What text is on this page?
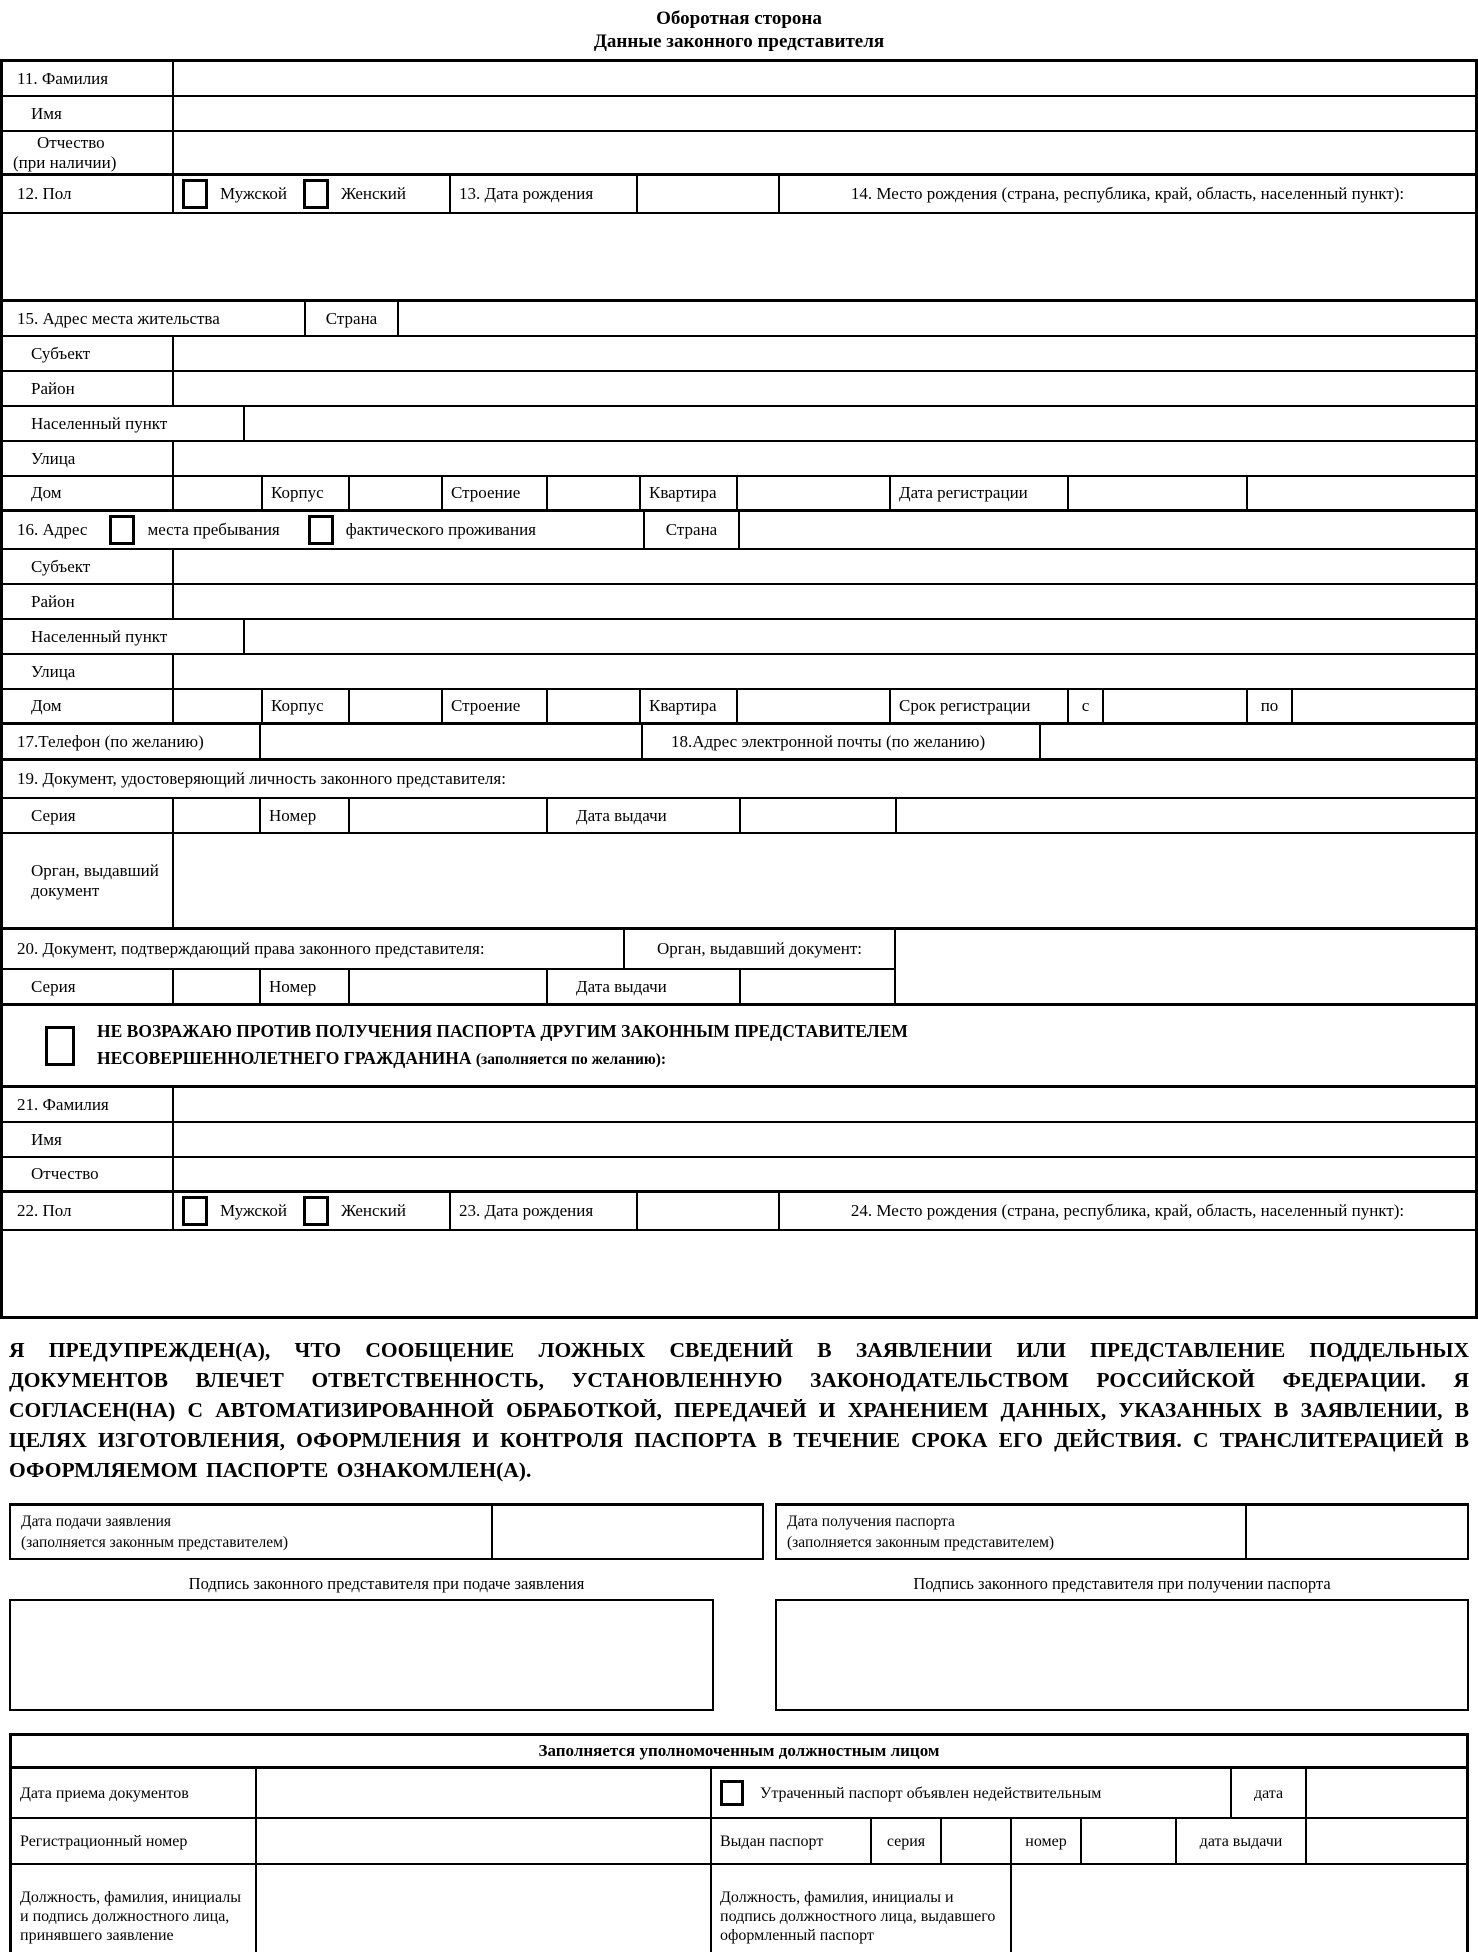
Оборотная сторона
Данные законного представителя
11. Фамилия
Имя
Отчество
(при наличии)
12. Пол	Мужской	Женский	13. Дата рождения	14. Место рождения (страна, республика, край, область, населенный пункт):
15. Адрес места жительства	Страна
Субъект
Район
Населенный пункт
Улица
Дом	Корпус	Строение	Квартира	Дата регистрации
16. Адрес	места пребывания	фактического проживания	Страна
Субъект
Район
Населенный пункт
Улица
Дом	Корпус	Строение	Квартира	Срок регистрации	с	по
17.Телефон (по желанию)	18.Адрес электронной почты (по желанию)
19. Документ, удостоверяющий личность законного представителя:
Серия	Номер	Дата выдачи
Орган, выдавший документ
20. Документ, подтверждающий права законного представителя:	Орган, выдавший документ:
Серия	Номер	Дата выдачи
НЕ ВОЗРАЖАЮ ПРОТИВ ПОЛУЧЕНИЯ ПАСПОРТА ДРУГИМ ЗАКОННЫМ ПРЕДСТАВИТЕЛЕМ НЕСОВЕРШЕННОЛЕТНЕГО ГРАЖДАНИНА (заполняется по желанию):
21. Фамилия
Имя
Отчество
22. Пол	Мужской	Женский	23. Дата рождения	24. Место рождения (страна, республика, край, область, населенный пункт):
Я ПРЕДУПРЕЖДЕН(А), ЧТО СООБЩЕНИЕ ЛОЖНЫХ СВЕДЕНИЙ В ЗАЯВЛЕНИИ ИЛИ ПРЕДСТАВЛЕНИЕ ПОДДЕЛЬНЫХ ДОКУМЕНТОВ ВЛЕЧЕТ ОТВЕТСТВЕННОСТЬ, УСТАНОВЛЕННУЮ ЗАКОНОДАТЕЛЬСТВОМ РОССИЙСКОЙ ФЕДЕРАЦИИ. Я СОГЛАСЕН(НА) С АВТОМАТИЗИРОВАННОЙ ОБРАБОТКОЙ, ПЕРЕДАЧЕЙ И ХРАНЕНИЕМ ДАННЫХ, УКАЗАННЫХ В ЗАЯВЛЕНИИ, В ЦЕЛЯХ ИЗГОТОВЛЕНИЯ, ОФОРМЛЕНИЯ И КОНТРОЛЯ ПАСПОРТА В ТЕЧЕНИЕ СРОКА ЕГО ДЕЙСТВИЯ. С ТРАНСЛИТЕРАЦИЕЙ В ОФОРМЛЯЕМОМ ПАСПОРТЕ ОЗНАКОМЛЕН(А).
Дата подачи заявления
(заполняется законным представителем)
Подпись законного представителя при подаче заявления
Дата получения паспорта
(заполняется законным представителем)
Подпись законного представителя при получении паспорта
Заполняется уполномоченным должностным лицом
Дата приема документов	Утраченный паспорт объявлен недействительным	дата
Регистрационный номер	Выдан паспорт	серия	номер	дата выдачи
Должность, фамилия, инициалы и подпись должностного лица, принявшего заявление
Должность, фамилия, инициалы и подпись должностного лица, выдавшего оформленный паспорт
